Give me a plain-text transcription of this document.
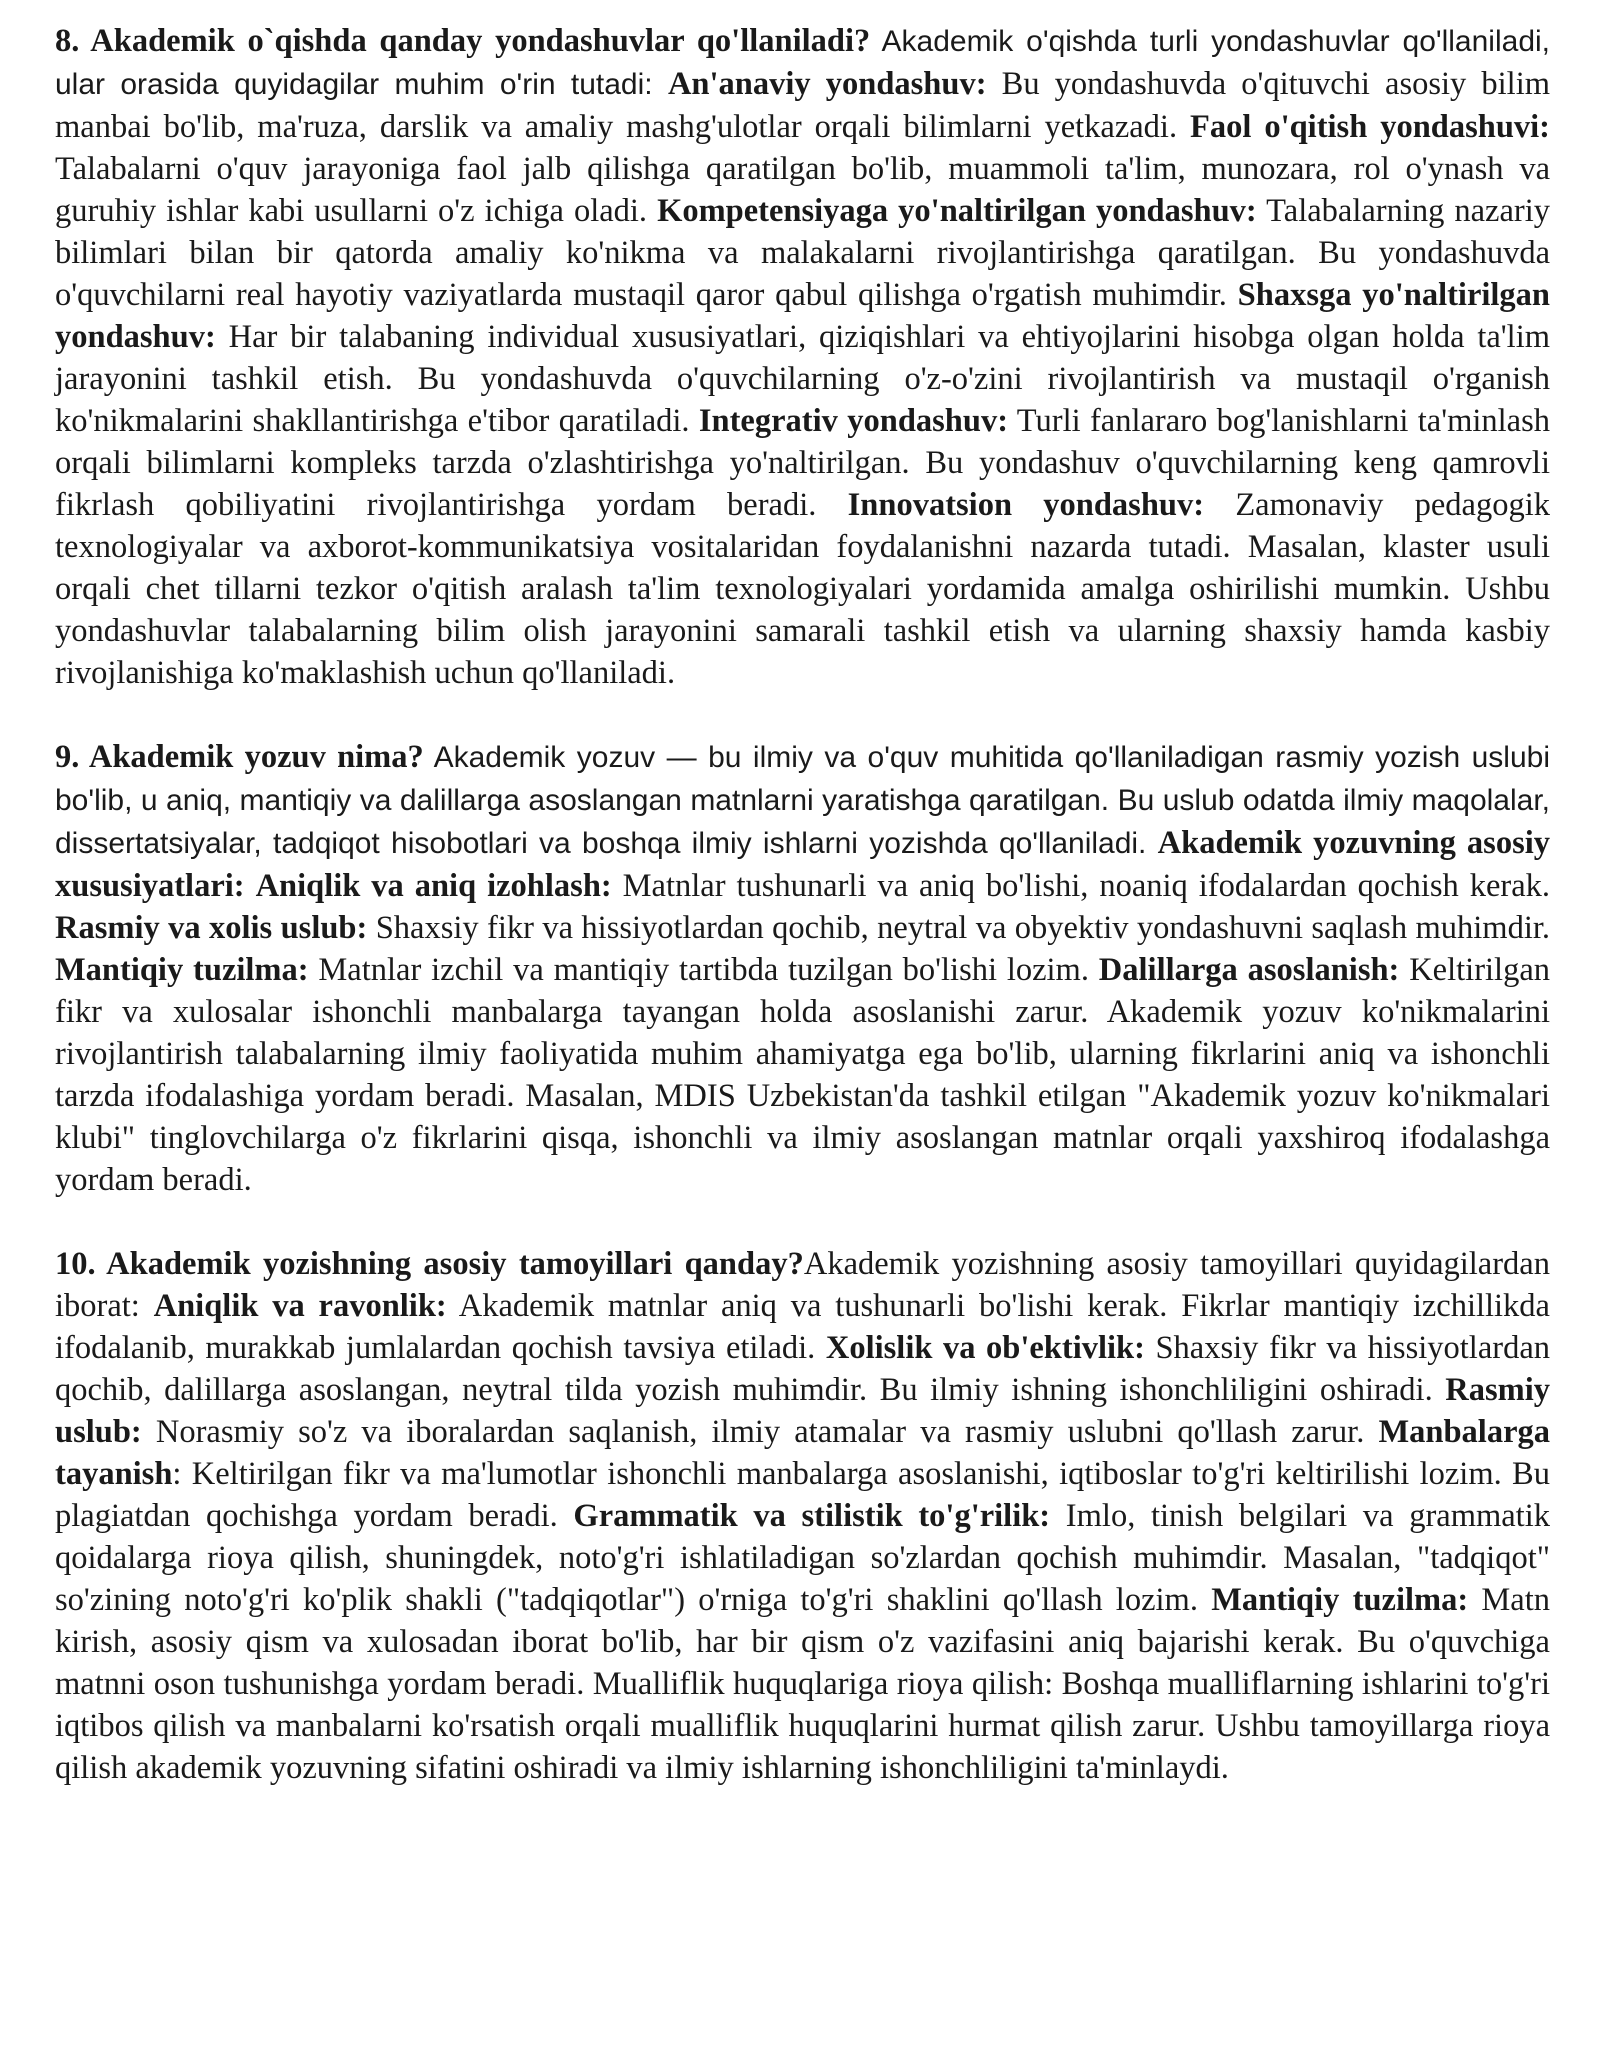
8. Akademik o`qishda qanday yondashuvlar qo'llaniladi? Akademik o'qishda turli yondashuvlar qo'llaniladi, ular orasida quyidagilar muhim o'rin tutadi: An'anaviy yondashuv: Bu yondashuvda o'qituvchi asosiy bilim manbai bo'lib, ma'ruza, darslik va amaliy mashg'ulotlar orqali bilimlarni yetkazadi. Faol o'qitish yondashuvi: Talabalarni o'quv jarayoniga faol jalb qilishga qaratilgan bo'lib, muammoli ta'lim, munozara, rol o'ynash va guruhiy ishlar kabi usullarni o'z ichiga oladi. Kompetensiyaga yo'naltirilgan yondashuv: Talabalarning nazariy bilimlari bilan bir qatorda amaliy ko'nikma va malakalarni rivojlantirishga qaratilgan. Bu yondashuvda o'quvchilarni real hayotiy vaziyatlarda mustaqil qaror qabul qilishga o'rgatish muhimdir. Shaxsga yo'naltirilgan yondashuv: Har bir talabaning individual xususiyatlari, qiziqishlari va ehtiyojlarini hisobga olgan holda ta'lim jarayonini tashkil etish. Bu yondashuvda o'quvchilarning o'z-o'zini rivojlantirish va mustaqil o'rganish ko'nikmalarini shakllantirishga e'tibor qaratiladi. Integrativ yondashuv: Turli fanlararo bog'lanishlarni ta'minlash orqali bilimlarni kompleks tarzda o'zlashtirishga yo'naltirilgan. Bu yondashuv o'quvchilarning keng qamrovli fikrlash qobiliyatini rivojlantirishga yordam beradi. Innovatsion yondashuv: Zamonaviy pedagogik texnologiyalar va axborot-kommunikatsiya vositalaridan foydalanishni nazarda tutadi. Masalan, klaster usuli orqali chet tillarni tezkor o'qitish aralash ta'lim texnologiyalari yordamida amalga oshirilishi mumkin. Ushbu yondashuvlar talabalarning bilim olish jarayonini samarali tashkil etish va ularning shaxsiy hamda kasbiy rivojlanishiga ko'maklashish uchun qo'llaniladi.

9. Akademik yozuv nima? Akademik yozuv — bu ilmiy va o'quv muhitida qo'llaniladigan rasmiy yozish uslubi bo'lib, u aniq, mantiqiy va dalillarga asoslangan matnlarni yaratishga qaratilgan. Bu uslub odatda ilmiy maqolalar, dissertatsiyalar, tadqiqot hisobotlari va boshqa ilmiy ishlarni yozishda qo'llaniladi. Akademik yozuvning asosiy xususiyatlari: Aniqlik va aniq izohlash: Matnlar tushunarli va aniq bo'lishi, noaniq ifodalardan qochish kerak. Rasmiy va xolis uslub: Shaxsiy fikr va hissiyotlardan qochib, neytral va obyektiv yondashuvni saqlash muhimdir. Mantiqiy tuzilma: Matnlar izchil va mantiqiy tartibda tuzilgan bo'lishi lozim. Dalillarga asoslanish: Keltirilgan fikr va xulosalar ishonchli manbalarga tayangan holda asoslanishi zarur. Akademik yozuv ko'nikmalarini rivojlantirish talabalarning ilmiy faoliyatida muhim ahamiyatga ega bo'lib, ularning fikrlarini aniq va ishonchli tarzda ifodalashiga yordam beradi. Masalan, MDIS Uzbekistan'da tashkil etilgan "Akademik yozuv ko'nikmalari klubi" tinglovchilarga o'z fikrlarini qisqa, ishonchli va ilmiy asoslangan matnlar orqali yaxshiroq ifodalashga yordam beradi.

10. Akademik yozishning asosiy tamoyillari qanday?Akademik yozishning asosiy tamoyillari quyidagilardan iborat: Aniqlik va ravonlik: Akademik matnlar aniq va tushunarli bo'lishi kerak. Fikrlar mantiqiy izchillikda ifodalanib, murakkab jumlalardan qochish tavsiya etiladi. Xolislik va ob'ektivlik: Shaxsiy fikr va hissiyotlardan qochib, dalillarga asoslangan, neytral tilda yozish muhimdir. Bu ilmiy ishning ishonchliligini oshiradi. Rasmiy uslub: Norasmiy so'z va iboralardan saqlanish, ilmiy atamalar va rasmiy uslubni qo'llash zarur. Manbalarga tayanish: Keltirilgan fikr va ma'lumotlar ishonchli manbalarga asoslanishi, iqtiboslar to'g'ri keltirilishi lozim. Bu plagiatdan qochishga yordam beradi. Grammatik va stilistik to'g'rilik: Imlo, tinish belgilari va grammatik qoidalarga rioya qilish, shuningdek, noto'g'ri ishlatiladigan so'zlardan qochish muhimdir. Masalan, "tadqiqot" so'zining noto'g'ri ko'plik shakli ("tadqiqotlar") o'rniga to'g'ri shaklini qo'llash lozim. Mantiqiy tuzilma: Matn kirish, asosiy qism va xulosadan iborat bo'lib, har bir qism o'z vazifasini aniq bajarishi kerak. Bu o'quvchiga matnni oson tushunishga yordam beradi. Mualliflik huquqlariga rioya qilish: Boshqa mualliflarning ishlarini to'g'ri iqtibos qilish va manbalarni ko'rsatish orqali mualliflik huquqlarini hurmat qilish zarur. Ushbu tamoyillarga rioya qilish akademik yozuvning sifatini oshiradi va ilmiy ishlarning ishonchliligini ta'minlaydi.
